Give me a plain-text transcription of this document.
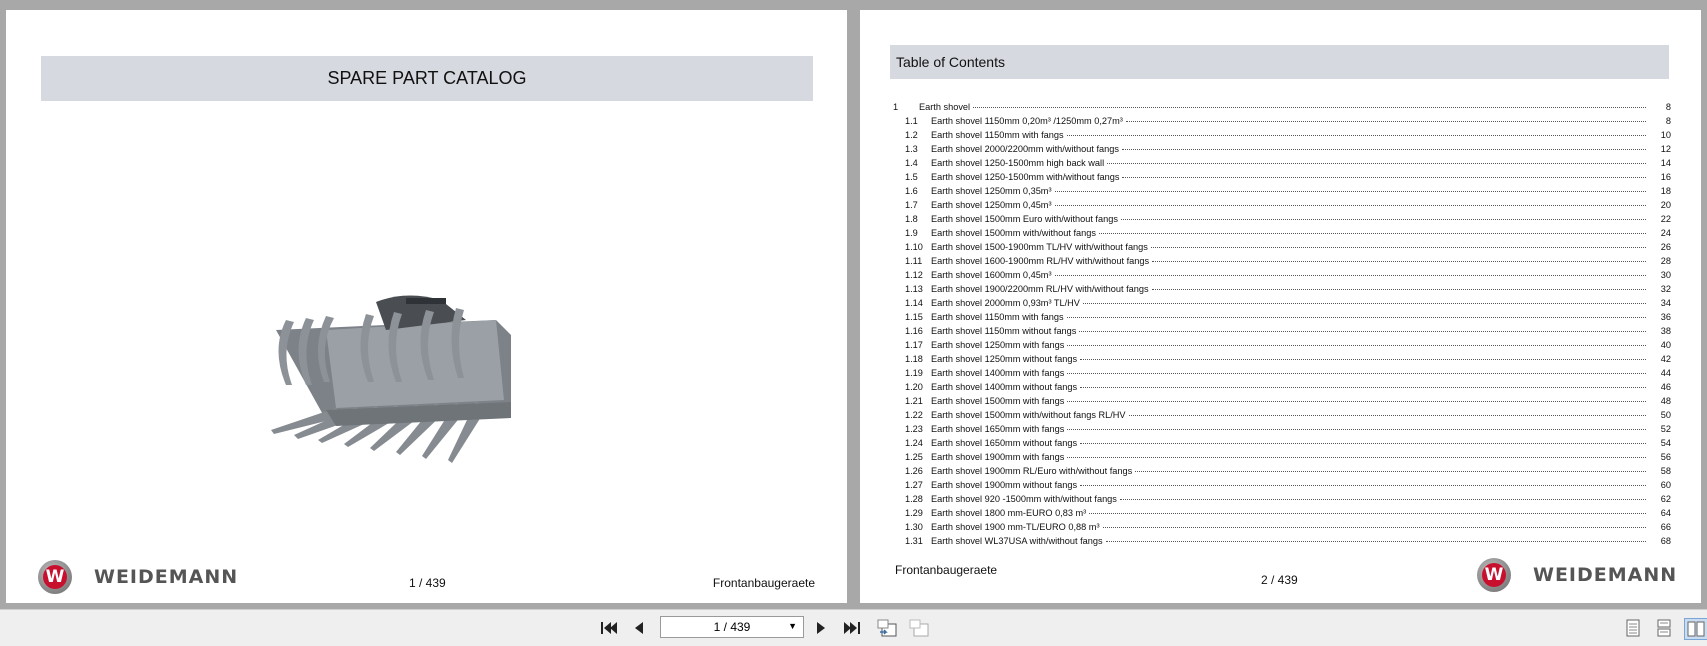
SPARE PART CATALOG
W WEIDEMANN	1 / 439	Frontanbaugeraete
Table of Contents
1	Earth shovel	8
1.1	Earth shovel 1150mm 0,20m³ /1250mm 0,27m³	8
1.2	Earth shovel 1150mm with fangs	10
1.3	Earth shovel 2000/2200mm with/without fangs	12
1.4	Earth shovel 1250-1500mm high back wall	14
1.5	Earth shovel 1250-1500mm with/without fangs	16
1.6	Earth shovel 1250mm 0,35m³	18
1.7	Earth shovel 1250mm 0,45m³	20
1.8	Earth shovel 1500mm Euro with/without fangs	22
1.9	Earth shovel 1500mm with/without fangs	24
1.10 Earth shovel 1500-1900mm TL/HV with/without fangs	26
1.11 Earth shovel 1600-1900mm RL/HV with/without fangs	28
1.12 Earth shovel 1600mm 0,45m³	30
1.13 Earth shovel 1900/2200mm RL/HV with/without fangs	32
1.14 Earth shovel 2000mm 0,93m³ TL/HV	34
1.15 Earth shovel 1150mm with fangs	36
1.16 Earth shovel 1150mm without fangs	38
1.17 Earth shovel 1250mm with fangs	40
1.18 Earth shovel 1250mm without fangs	42
1.19 Earth shovel 1400mm with fangs	44
1.20 Earth shovel 1400mm without fangs	46
1.21 Earth shovel 1500mm with fangs	48
1.22 Earth shovel 1500mm with/without fangs RL/HV	50
1.23 Earth shovel 1650mm with fangs	52
1.24 Earth shovel 1650mm without fangs	54
1.25 Earth shovel 1900mm with fangs	56
1.26 Earth shovel 1900mm RL/Euro with/without fangs	58
1.27 Earth shovel 1900mm without fangs	60
1.28 Earth shovel 920 -1500mm with/without fangs	62
1.29 Earth shovel 1800 mm-EURO 0,83 m³	64
1.30 Earth shovel 1900 mm-TL/EURO 0,88 m³	66
1.31 Earth shovel WL37USA with/without fangs	68
Frontanbaugeraete
2 / 439	W WEIDEMANN
1 / 439	▼
